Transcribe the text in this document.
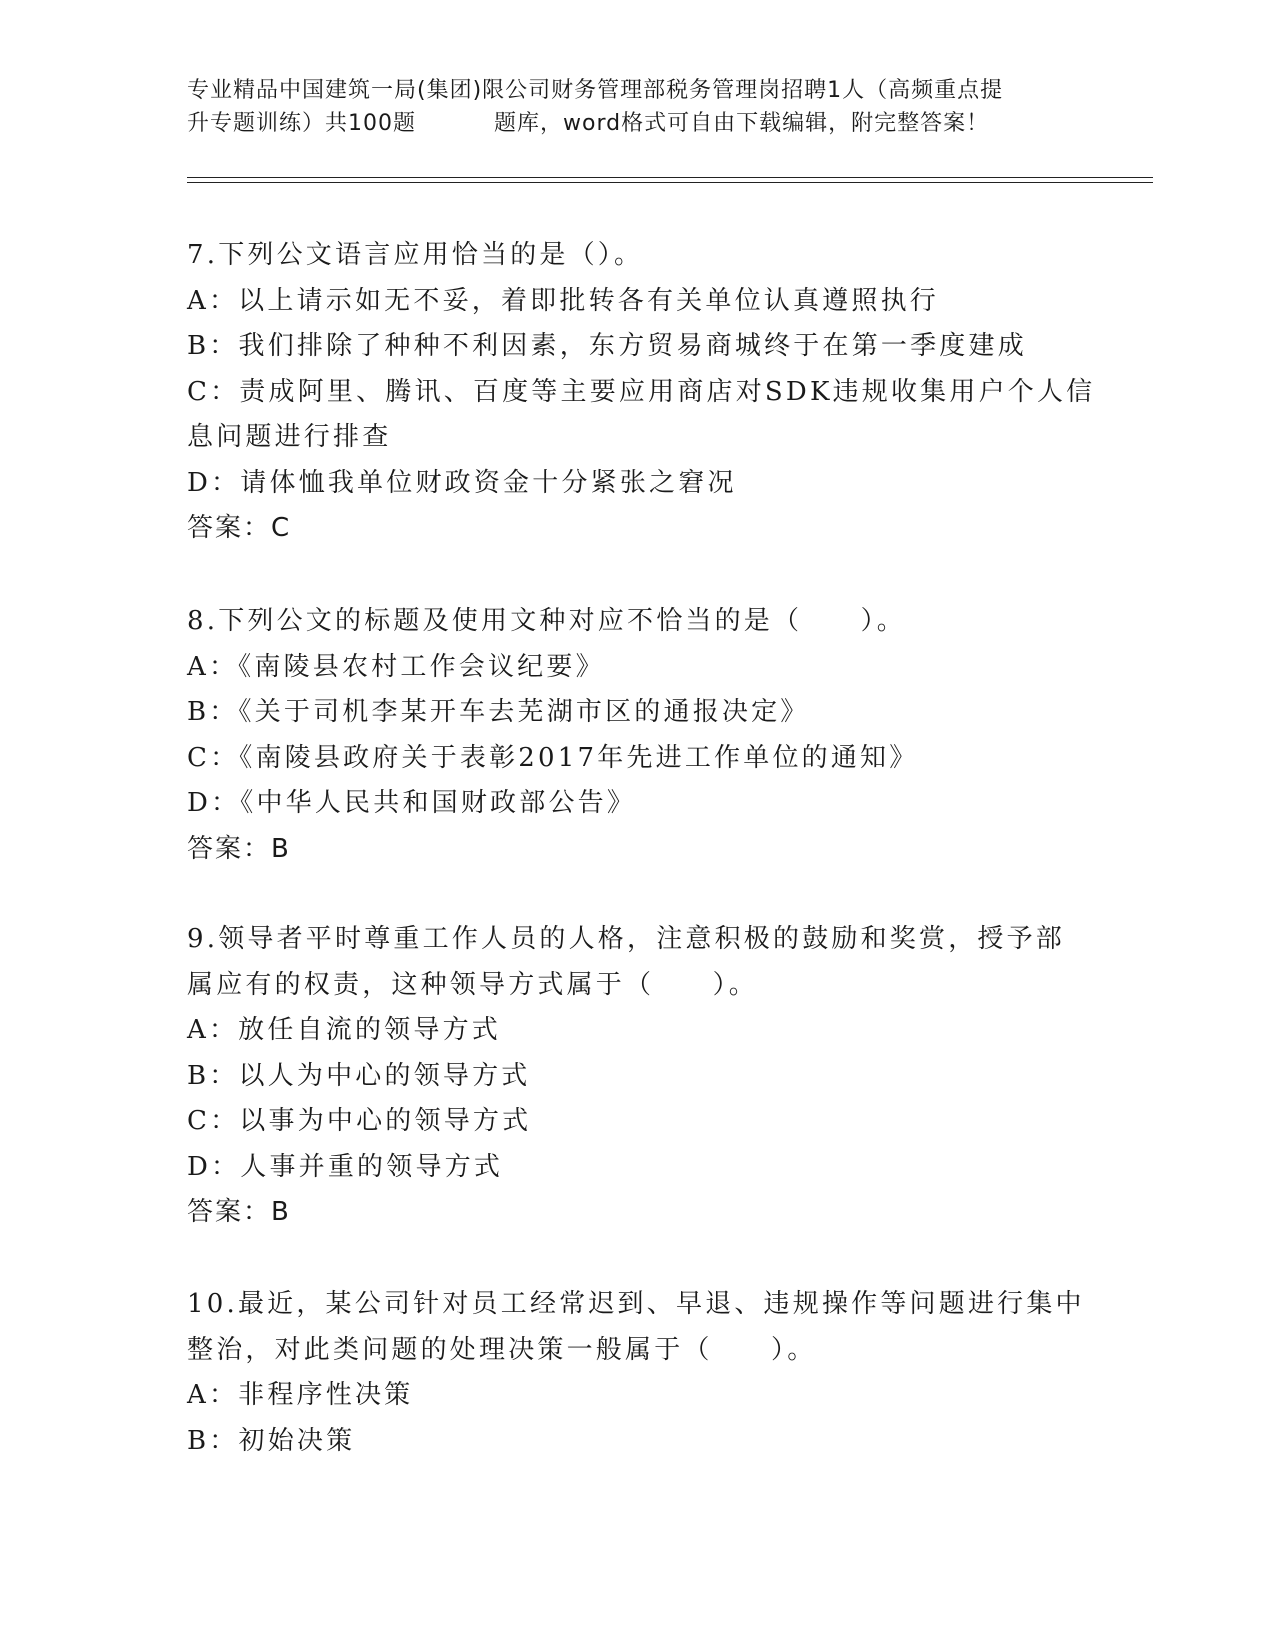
专业精品中国建筑一局(集团)限公司财务管理部税务管理岗招聘1人（高频重点提
升专题训练）共100题	题库，word格式可自由下载编辑，附完整答案！
7.下列公文语言应用恰当的是（）。
A：以上请示如无不妥，着即批转各有关单位认真遵照执行
B：我们排除了种种不利因素，东方贸易商城终于在第一季度建成
C：责成阿里、腾讯、百度等主要应用商店对SDK违规收集用户个人信
息问题进行排查
D：请体恤我单位财政资金十分紧张之窘况
答案：C
8.下列公文的标题及使用文种对应不恰当的是（　　）。
A：《南陵县农村工作会议纪要》
B：《关于司机李某开车去芜湖市区的通报决定》
C：《南陵县政府关于表彰2017年先进工作单位的通知》
D：《中华人民共和国财政部公告》
答案：B
9.领导者平时尊重工作人员的人格，注意积极的鼓励和奖赏，授予部
属应有的权责，这种领导方式属于（　　）。
A：放任自流的领导方式
B：以人为中心的领导方式
C：以事为中心的领导方式
D：人事并重的领导方式
答案：B
10.最近，某公司针对员工经常迟到、早退、违规操作等问题进行集中
整治，对此类问题的处理决策一般属于（　　）。
A：非程序性决策
B：初始决策
